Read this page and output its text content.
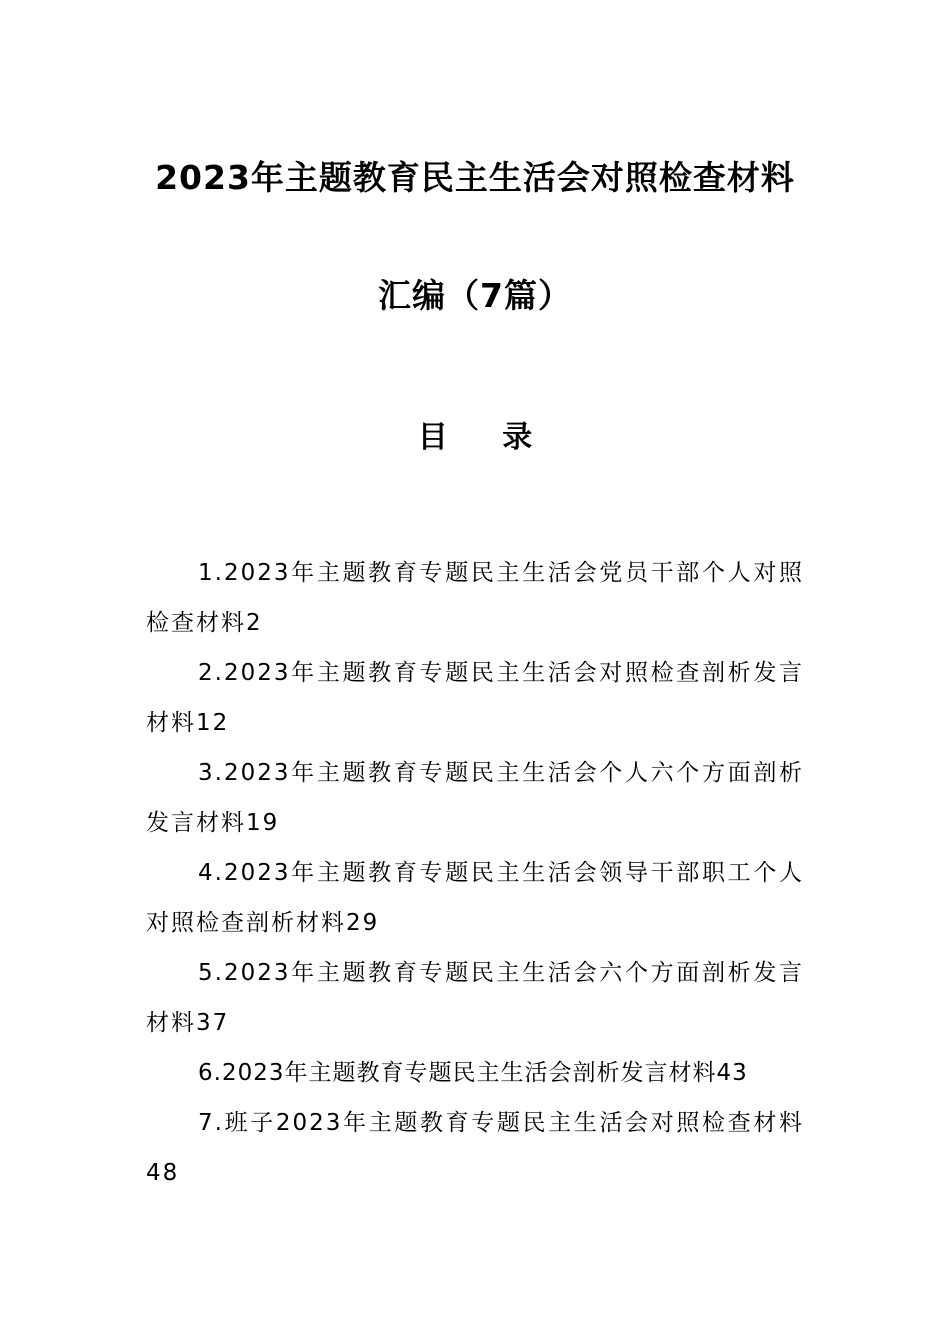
2023年主题教育民主生活会对照检查材料
汇编（7篇）
目 录
1.2023年主题教育专题民主生活会党员干部个人对照检查材料2
2.2023年主题教育专题民主生活会对照检查剖析发言材料12
3.2023年主题教育专题民主生活会个人六个方面剖析发言材料19
4.2023年主题教育专题民主生活会领导干部职工个人对照检查剖析材料29
5.2023年主题教育专题民主生活会六个方面剖析发言材料37
6.2023年主题教育专题民主生活会剖析发言材料43
7.班子2023年主题教育专题民主生活会对照检查材料48
